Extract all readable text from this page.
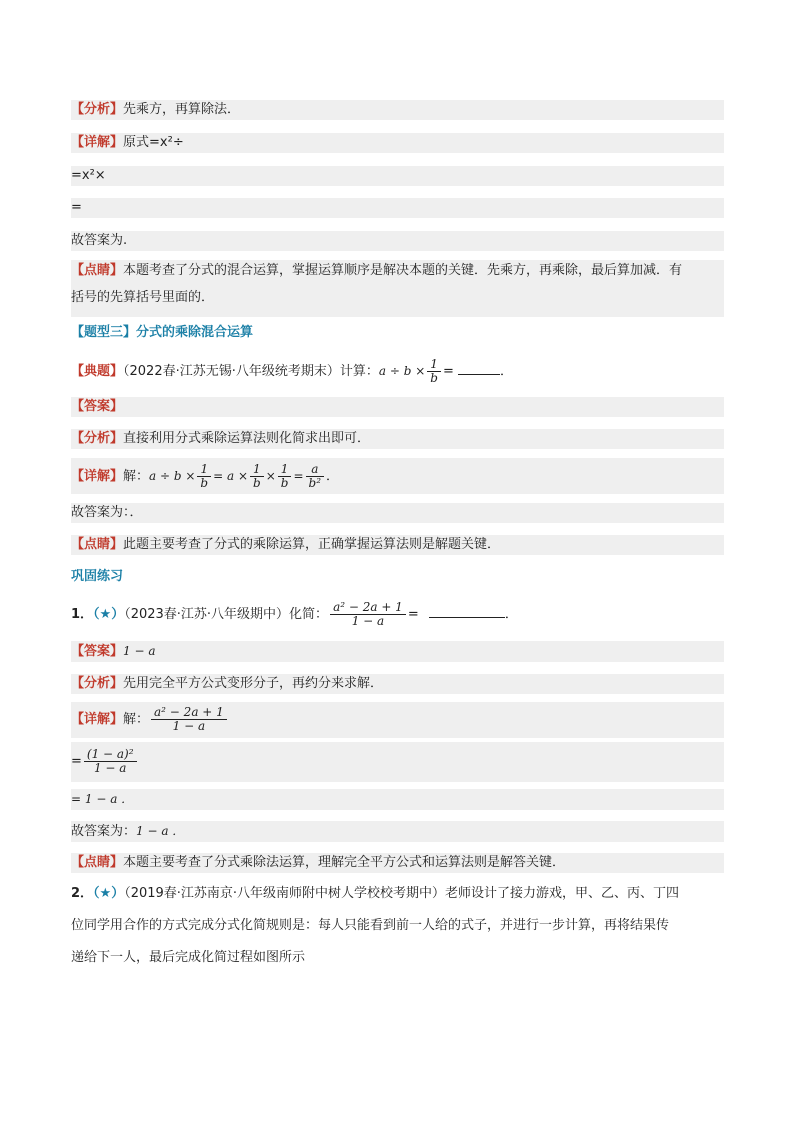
【分析】先乘方，再算除法．
【详解】原式=x²÷
=x²×
=
故答案为.
【点睛】本题考查了分式的混合运算，掌握运算顺序是解决本题的关键．先乘方，再乘除，最后算加减．有
括号的先算括号里面的．
【题型三】分式的乘除混合运算
【典题】（2022春·江苏无锡·八年级统考期末）计算：$a \div b \times \frac{1}{b}$ =	．
【答案】
【分析】直接利用分式乘除运算法则化简求出即可．
【详解】解：$a \div b \times \frac{1}{b} = a \times \frac{1}{b} \times \frac{1}{b} = \frac{a}{\text{b²}}$ ．
故答案为：．
【点睛】此题主要考查了分式的乘除运算，正确掌握运算法则是解题关键．
巩固练习
1．（★）（2023春·江苏·八年级期中）化简： $\frac{\text{a² − 2a + 1}}{1 - a}$ =	．
【答案】1 − a
【分析】先用完全平方公式变形分子，再约分来求解．
【详解】解： $\frac{\text{a² − 2a + 1}}{1 - a}$
= $\frac{\text{(1 − a)²}}{1 - a}$
= 1 − a ．
故答案为：1 − a ．
【点睛】本题主要考查了分式乘除法运算，理解完全平方公式和运算法则是解答关键．
2．（★）（2019春·江苏南京·八年级南师附中树人学校校考期中）老师设计了接力游戏，甲、乙、丙、丁四
位同学用合作的方式完成分式化简规则是：每人只能看到前一人给的式子，并进行一步计算，再将结果传
递给下一人，最后完成化简过程如图所示
